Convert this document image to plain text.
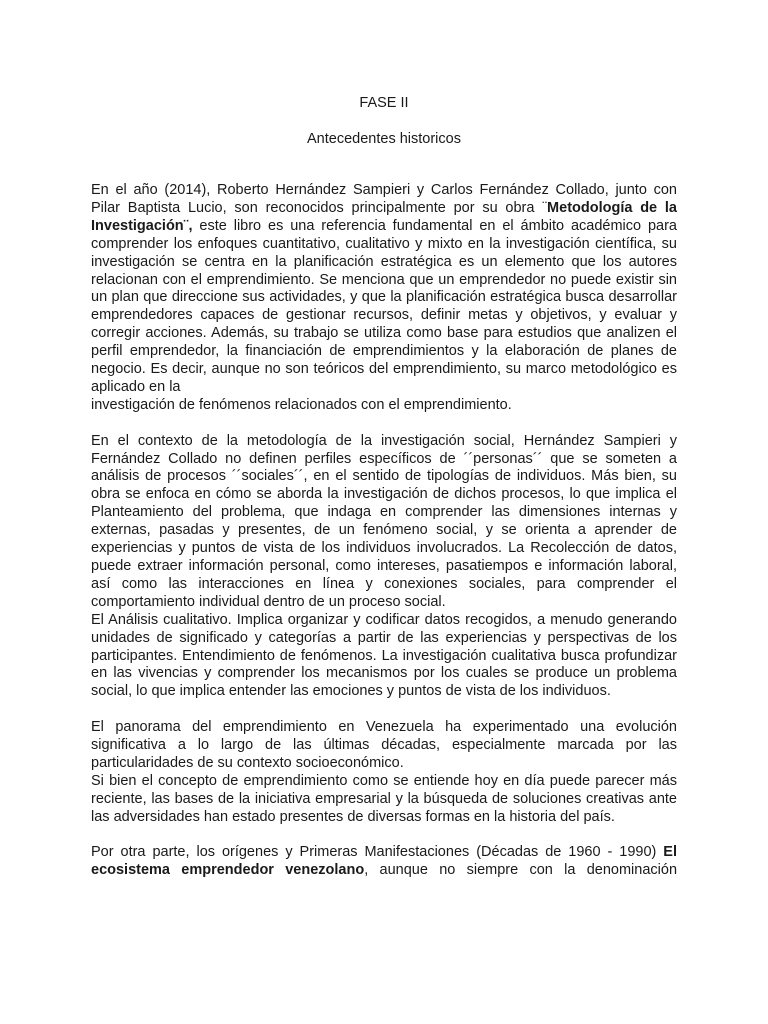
FASE II
Antecedentes historicos

En el año (2014), Roberto Hernández Sampieri y Carlos Fernández Collado, junto con Pilar Baptista Lucio, son reconocidos principalmente por su obra ¨Metodología de la Investigación¨, este libro es una referencia fundamental en el ámbito académico para comprender los enfoques cuantitativo, cualitativo y mixto en la investigación científica, su investigación se centra en la planificación estratégica es un elemento que los autores relacionan con el emprendimiento. Se menciona que un emprendedor no puede existir sin un plan que direccione sus actividades, y que la planificación estratégica busca desarrollar emprendedores capaces de gestionar recursos, definir metas y objetivos, y evaluar y corregir acciones. Además, su trabajo se utiliza como base para estudios que analizen el perfil emprendedor, la financiación de emprendimientos y la elaboración de planes de negocio. Es decir, aunque no son teóricos del emprendimiento, su marco metodológico es aplicado en la

investigación de fenómenos relacionados con el emprendimiento.

En el contexto de la metodología de la investigación social, Hernández Sampieri y Fernández Collado no definen perfiles específicos de ´´personas´´ que se someten a análisis de procesos ´´sociales´´, en el sentido de tipologías de individuos. Más bien, su obra se enfoca en cómo se aborda la investigación de dichos procesos, lo que implica el Planteamiento del problema, que indaga en comprender las dimensiones internas y externas, pasadas y presentes, de un fenómeno social, y se orienta a aprender de experiencias y puntos de vista de los individuos involucrados. La Recolección de datos, puede extraer información personal, como intereses, pasatiempos e información laboral, así como las interacciones en línea y conexiones sociales, para comprender el comportamiento individual dentro de un proceso social.

El Análisis cualitativo. Implica organizar y codificar datos recogidos, a menudo generando unidades de significado y categorías a partir de las experiencias y perspectivas de los participantes. Entendimiento de fenómenos. La investigación cualitativa busca profundizar en las vivencias y comprender los mecanismos por los cuales se produce un problema social, lo que implica entender las emociones y puntos de vista de los individuos.

El panorama del emprendimiento en Venezuela ha experimentado una evolución significativa a lo largo de las últimas décadas, especialmente marcada por las particularidades de su contexto socioeconómico.

Si bien el concepto de emprendimiento como se entiende hoy en día puede parecer más reciente, las bases de la iniciativa empresarial y la búsqueda de soluciones creativas ante las adversidades han estado presentes de diversas formas en la historia del país.

Por otra parte, los orígenes y Primeras Manifestaciones (Décadas de 1960 - 1990) El ecosistema emprendedor venezolano, aunque no siempre con la denominación
